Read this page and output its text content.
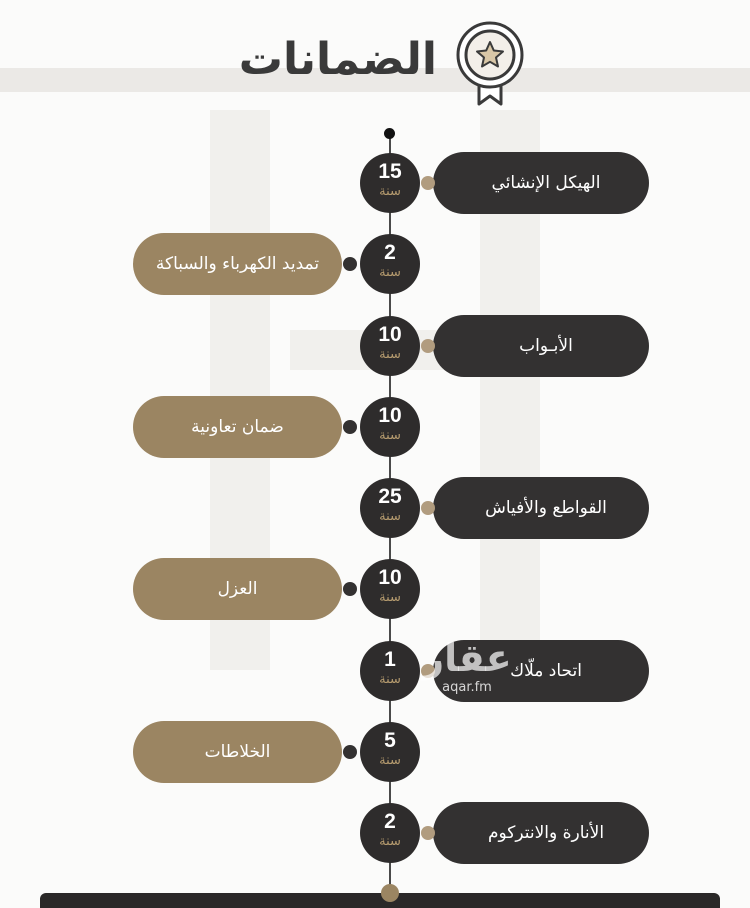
الضمانات
الهيكل الإنشائي
15
سنة
تمديد الكهرباء والسباكة	2
سنة
الأبـواب
10
سنة
ضمان تعاونية	10
سنة
القواطع والأفياش
25
سنة
العزل	10
سنة
اتحاد ملّاك
1
سنة
الخلاطات	5
سنة
الأنارة والانتركوم
2
سنة
عقار
aqar.fm
